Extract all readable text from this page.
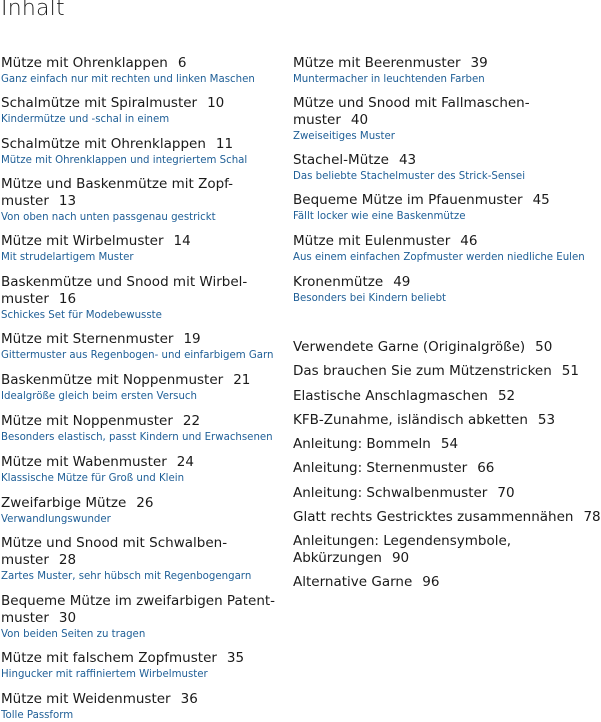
Inhalt
Mütze mit Ohrenklappen 6
Ganz einfach nur mit rechten und linken Maschen
Schalmütze mit Spiralmuster 10
Kindermütze und -schal in einem
Schalmütze mit Ohrenklappen 11
Mütze mit Ohrenklappen und integriertem Schal
Mütze und Baskenmütze mit Zopf-
muster 13
Von oben nach unten passgenau gestrickt
Mütze mit Wirbelmuster 14
Mit strudelartigem Muster
Baskenmütze und Snood mit Wirbel-
muster 16
Schickes Set für Modebewusste
Mütze mit Sternenmuster 19
Gittermuster aus Regenbogen- und einfarbigem Garn
Baskenmütze mit Noppenmuster 21
Idealgröße gleich beim ersten Versuch
Mütze mit Noppenmuster 22
Besonders elastisch, passt Kindern und Erwachsenen
Mütze mit Wabenmuster 24
Klassische Mütze für Groß und Klein
Zweifarbige Mütze 26
Verwandlungswunder
Mütze und Snood mit Schwalben-
muster 28
Zartes Muster, sehr hübsch mit Regenbogengarn
Bequeme Mütze im zweifarbigen Patent-
muster 30
Von beiden Seiten zu tragen
Mütze mit falschem Zopfmuster 35
Hingucker mit raffiniertem Wirbelmuster
Mütze mit Weidenmuster 36
Tolle Passform
Mütze mit Beerenmuster 39
Muntermacher in leuchtenden Farben
Mütze und Snood mit Fallmaschen-
muster 40
Zweiseitiges Muster
Stachel-Mütze 43
Das beliebte Stachelmuster des Strick-Sensei
Bequeme Mütze im Pfauenmuster 45
Fällt locker wie eine Baskenmütze
Mütze mit Eulenmuster 46
Aus einem einfachen Zopfmuster werden niedliche Eulen
Kronenmütze 49
Besonders bei Kindern beliebt
Verwendete Garne (Originalgröße) 50
Das brauchen Sie zum Mützenstricken 51
Elastische Anschlagmaschen 52
KFB-Zunahme, isländisch abketten 53
Anleitung: Bommeln 54
Anleitung: Sternenmuster 66
Anleitung: Schwalbenmuster 70
Glatt rechts Gestricktes zusammennähen 78
Anleitungen: Legendensymbole,
Abkürzungen 90
Alternative Garne 96
